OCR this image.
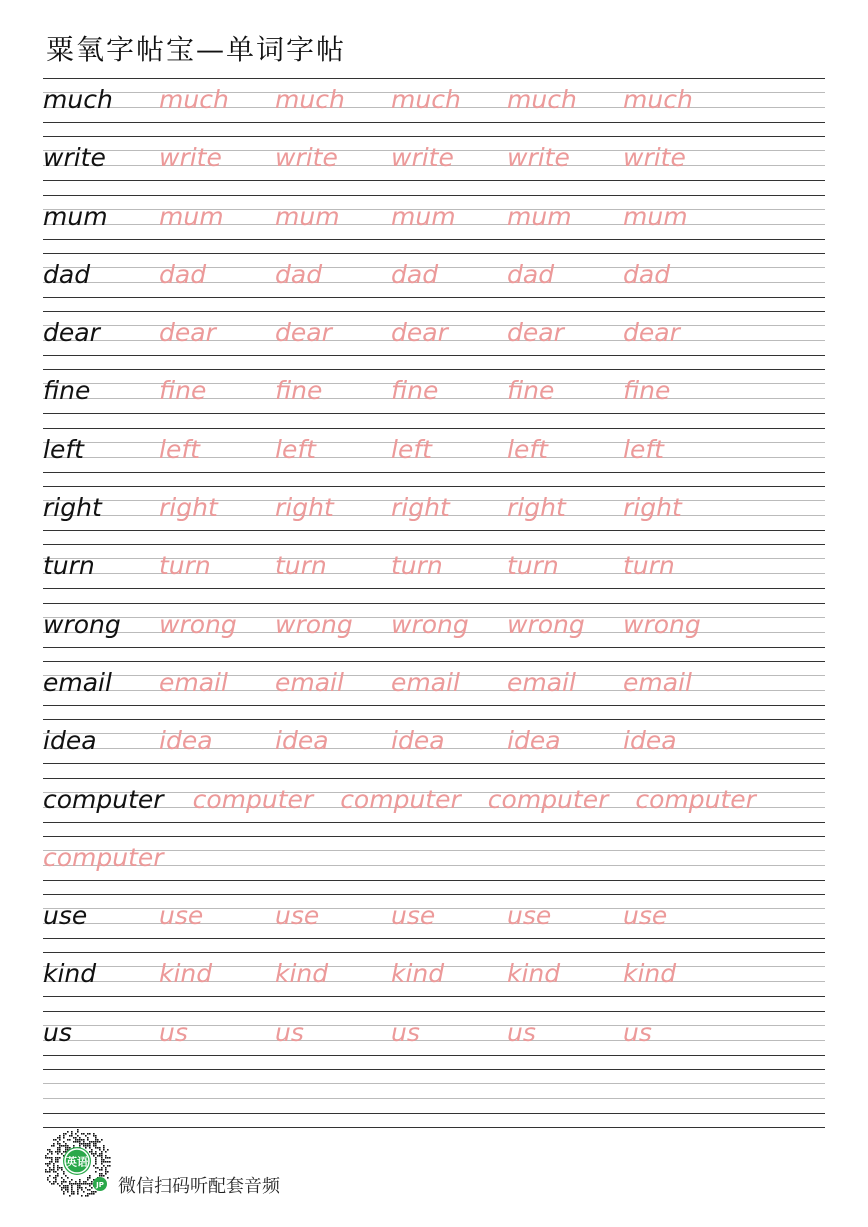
粟氧字帖宝—单词字帖
much much much much much much
write write write write write write
mum mum mum mum mum mum
dad	dad	dad	dad	dad	dad
dear dear dear dear dear dear
fine	fine	fine	fine	fine	fine
left	left	left	left	left	left
right right right right right right
turn	turn	turn	turn	turn	turn
wrong wrong wrong wrong wrong wrong
email email email email email email
idea idea idea idea idea idea
computer computer computer computer computer
computer
use	use	use	use	use	use
kind	kind	kind	kind	kind	kind
us	us	us	us	us	us
英语
JP 微信扫码听配套音频
